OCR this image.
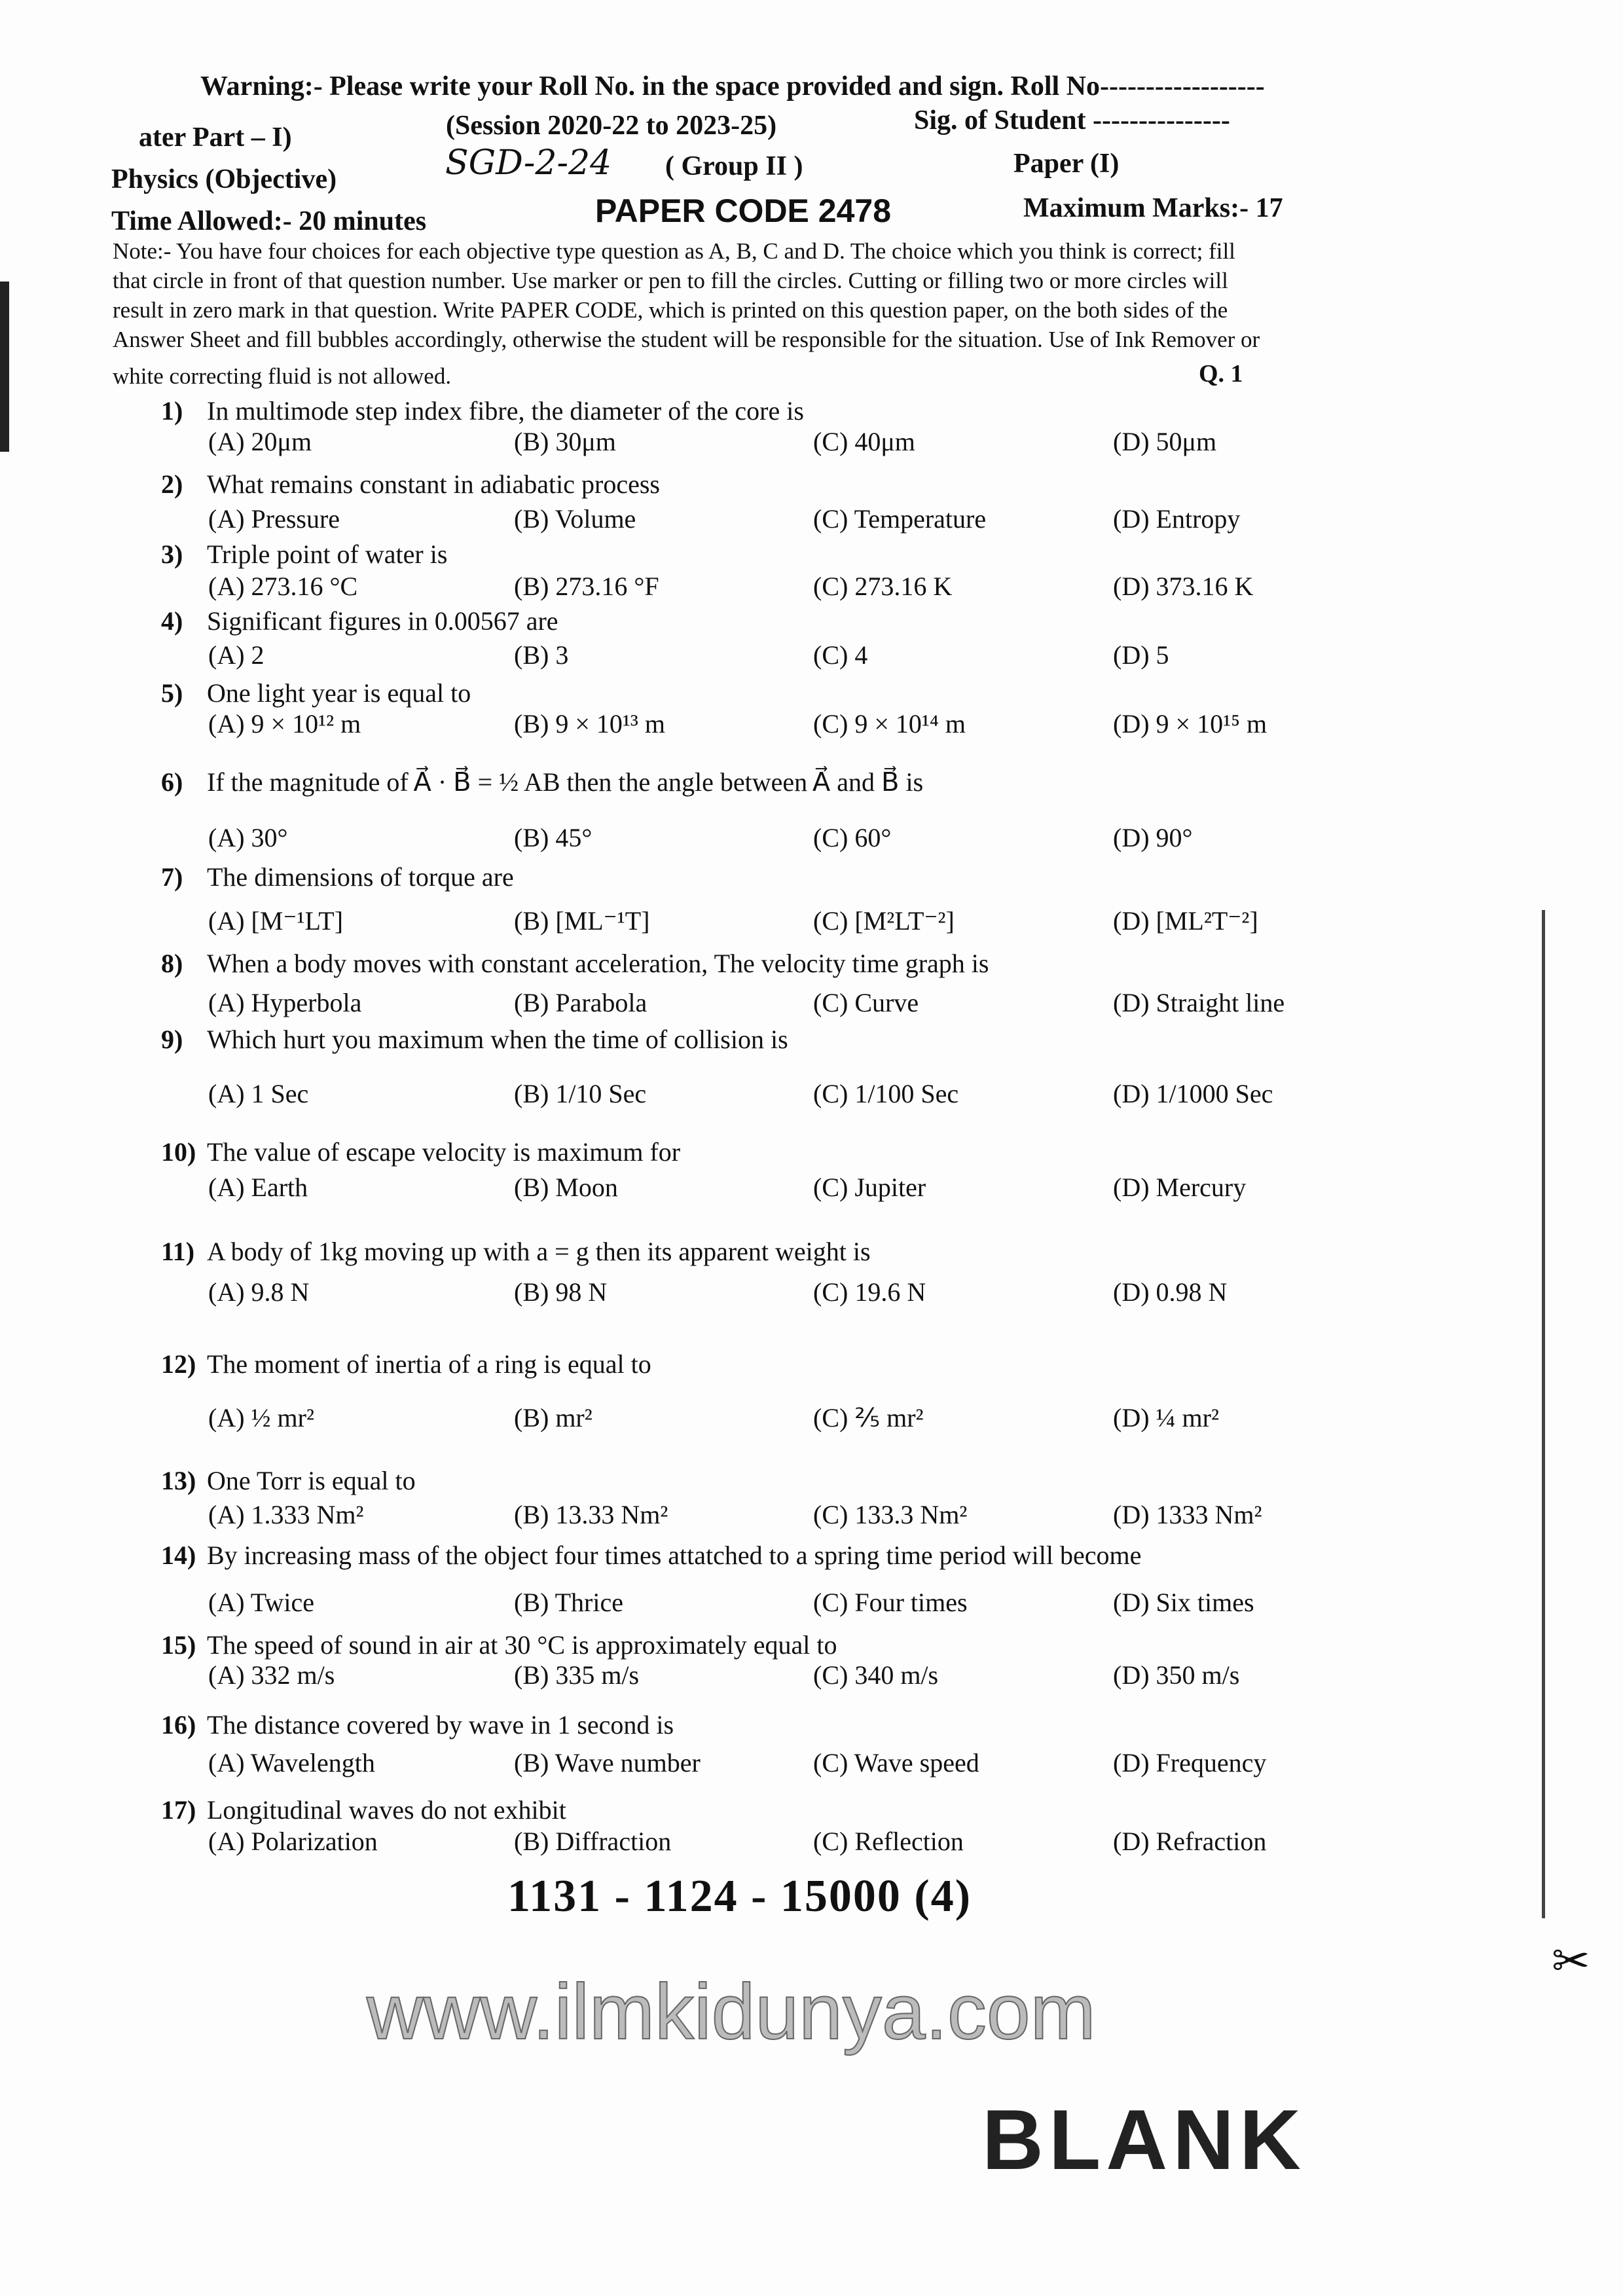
✂
Warning:- Please write your Roll No. in the space provided and sign. Roll No------------------
ater Part – I)	(Session 2020-22 to 2023-25)	Sig. of Student ---------------
Physics (Objective)	SGD-2-24 ( Group II )	Paper (I)
Time Allowed:- 20 minutes	PAPER CODE 2478	Maximum Marks:- 17
Note:- You have four choices for each objective type question as A, B, C and D. The choice which you think is correct; fill
that circle in front of that question number. Use marker or pen to fill the circles. Cutting or filling two or more circles will
result in zero mark in that question. Write PAPER CODE, which is printed on this question paper, on the both sides of the
Answer Sheet and fill bubbles accordingly, otherwise the student will be responsible for the situation. Use of Ink Remover or
white correcting fluid is not allowed.	Q. 1
1) In multimode step index fibre, the diameter of the core is
(A) 20μm	(B) 30μm	(C) 40μm	(D) 50μm
2) What remains constant in adiabatic process
(A) Pressure	(B) Volume	(C) Temperature	(D) Entropy
3) Triple point of water is
(A) 273.16 °C	(B) 273.16 °F	(C) 273.16 K	(D) 373.16 K
4) Significant figures in 0.00567 are
(A) 2	(B) 3	(C) 4	(D) 5
5) One light year is equal to
(A) 9 × 10¹² m	(B) 9 × 10¹³ m	(C) 9 × 10¹⁴ m	(D) 9 × 10¹⁵ m
6) If the magnitude of A⃗ · B⃗ = ½ AB then the angle between A⃗ and B⃗ is
(A) 30°	(B) 45°	(C) 60°	(D) 90°
7) The dimensions of torque are
(A) [M⁻¹LT]	(B) [ML⁻¹T]	(C) [M²LT⁻²]	(D) [ML²T⁻²]
8) When a body moves with constant acceleration, The velocity time graph is
(A) Hyperbola	(B) Parabola	(C) Curve	(D) Straight line
9) Which hurt you maximum when the time of collision is
(A) 1 Sec	(B) 1/10 Sec	(C) 1/100 Sec	(D) 1/1000 Sec
10) The value of escape velocity is maximum for
(A) Earth	(B) Moon	(C) Jupiter	(D) Mercury
11) A body of 1kg moving up with a = g then its apparent weight is
(A) 9.8 N	(B) 98 N	(C) 19.6 N	(D) 0.98 N
12) The moment of inertia of a ring is equal to
(A) ½ mr²	(B) mr²	(C) ⅖ mr²	(D) ¼ mr²
13) One Torr is equal to
(A) 1.333 Nm²	(B) 13.33 Nm²	(C) 133.3 Nm²	(D) 1333 Nm²
14) By increasing mass of the object four times attatched to a spring time period will become
(A) Twice	(B) Thrice	(C) Four times	(D) Six times
15) The speed of sound in air at 30 °C is approximately equal to
(A) 332 m/s	(B) 335 m/s	(C) 340 m/s	(D) 350 m/s
16) The distance covered by wave in 1 second is
(A) Wavelength	(B) Wave number	(C) Wave speed	(D) Frequency
17) Longitudinal waves do not exhibit
(A) Polarization	(B) Diffraction	(C) Reflection	(D) Refraction
1131 - 1124 - 15000 (4)
www.ilmkidunya.com
BLANK
